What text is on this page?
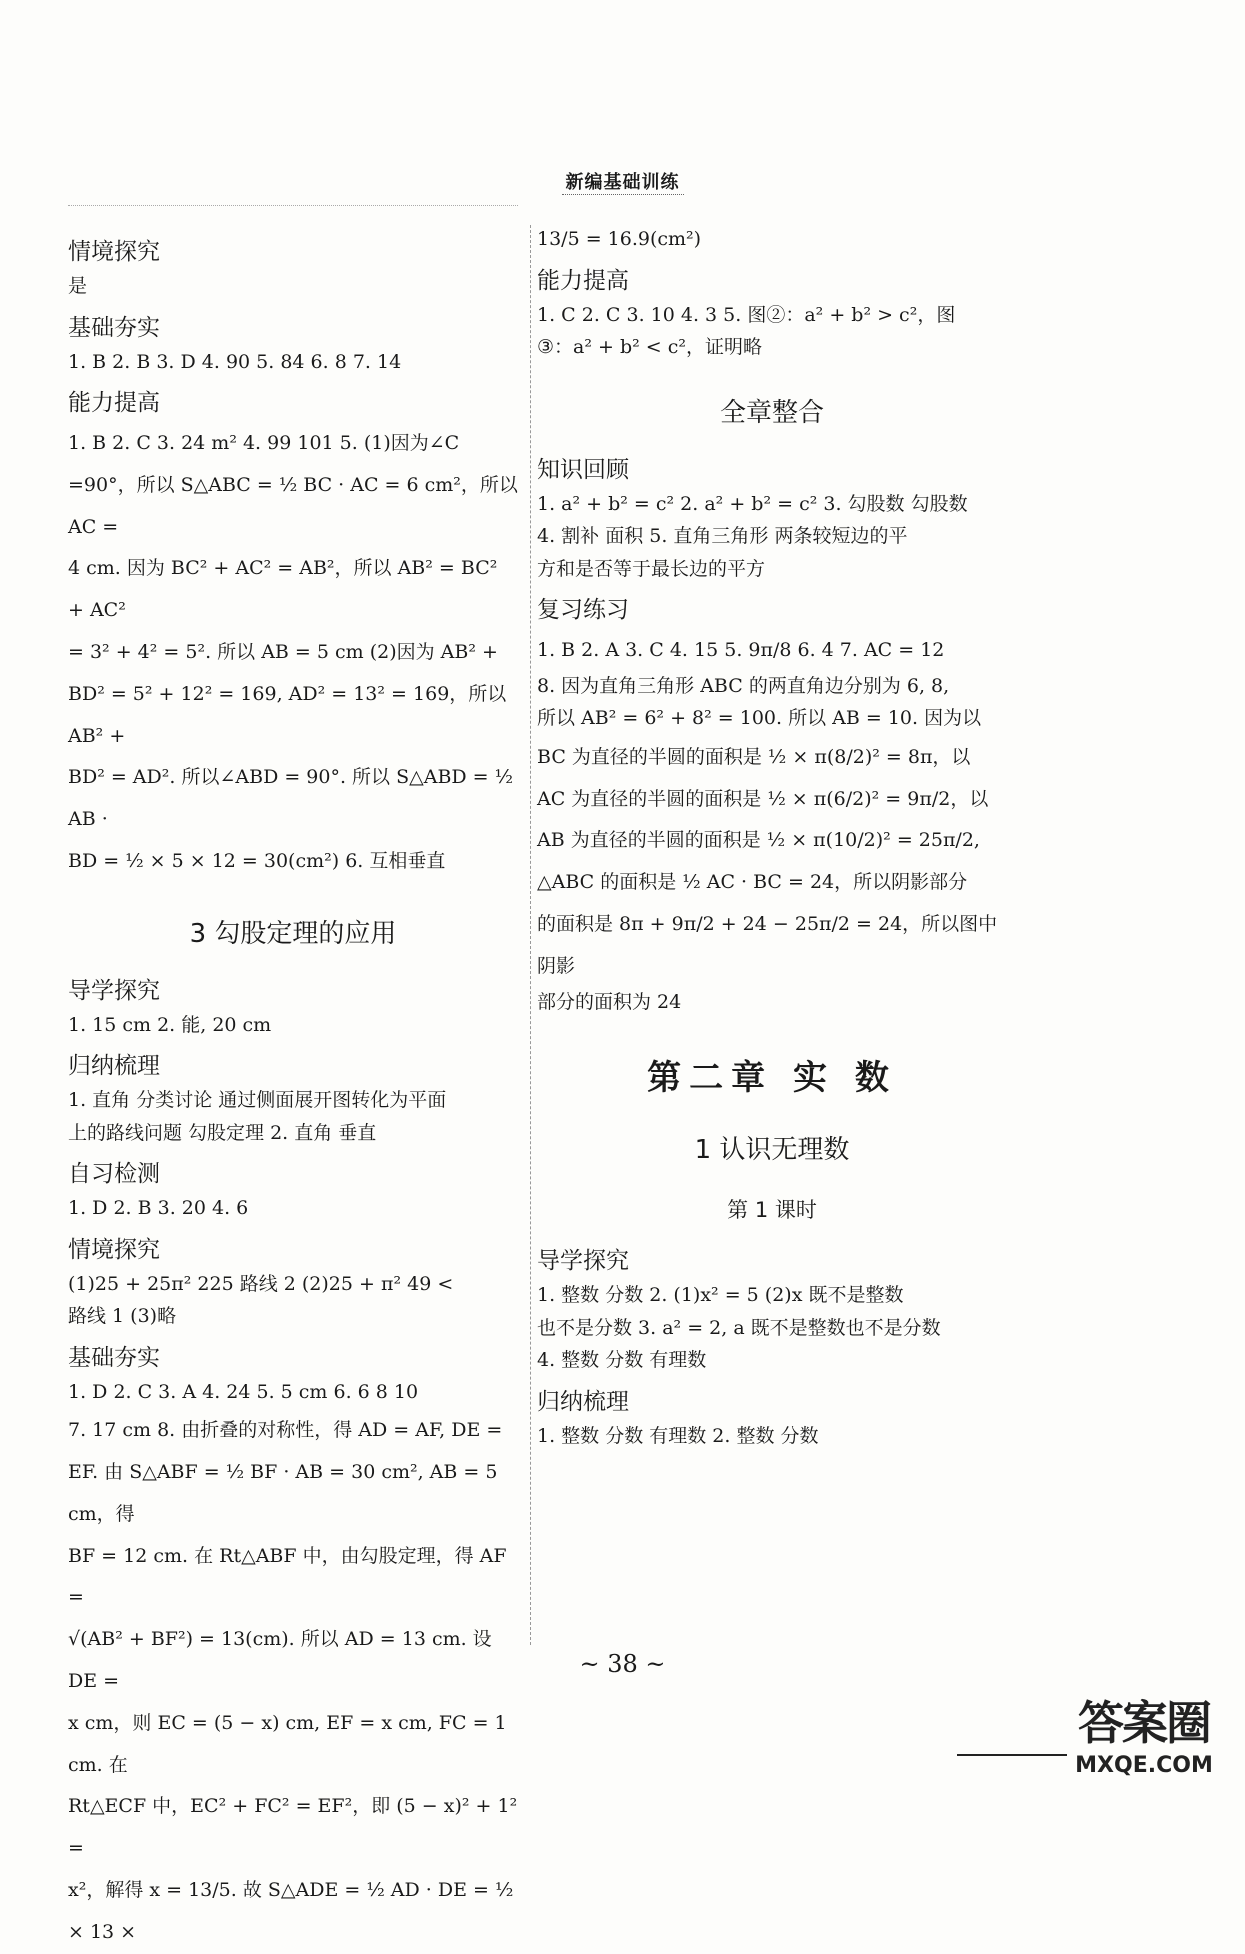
新编基础训练
情境探究
是
基础夯实
1. B 2. B 3. D 4. 90 5. 84 6. 8 7. 14
能力提高
1. B 2. C 3. 24 m² 4. 99 101 5. (1)因为∠C
=90°，所以 S△ABC = ½ BC · AC = 6 cm²，所以 AC =
4 cm. 因为 BC² + AC² = AB²，所以 AB² = BC² + AC²
= 3² + 4² = 5². 所以 AB = 5 cm (2)因为 AB² +
BD² = 5² + 12² = 169, AD² = 13² = 169，所以 AB² +
BD² = AD². 所以∠ABD = 90°. 所以 S△ABD = ½ AB ·
BD = ½ × 5 × 12 = 30(cm²) 6. 互相垂直
3 勾股定理的应用
导学探究
1. 15 cm 2. 能, 20 cm
归纳梳理
1. 直角 分类讨论 通过侧面展开图转化为平面
上的路线问题 勾股定理 2. 直角 垂直
自习检测
1. D 2. B 3. 20 4. 6
情境探究
(1)25 + 25π² 225 路线 2 (2)25 + π² 49 <
路线 1 (3)略
基础夯实
1. D 2. C 3. A 4. 24 5. 5 cm 6. 6 8 10
7. 17 cm 8. 由折叠的对称性，得 AD = AF, DE =
EF. 由 S△ABF = ½ BF · AB = 30 cm², AB = 5 cm，得
BF = 12 cm. 在 Rt△ABF 中，由勾股定理，得 AF =
√(AB² + BF²) = 13(cm). 所以 AD = 13 cm. 设 DE =
x cm，则 EC = (5 − x) cm, EF = x cm, FC = 1 cm. 在
Rt△ECF 中，EC² + FC² = EF²，即 (5 − x)² + 1² =
x²，解得 x = 13/5. 故 S△ADE = ½ AD · DE = ½ × 13 ×
13/5 = 16.9(cm²)
能力提高
1. C 2. C 3. 10 4. 3 5. 图②：a² + b² > c²，图
③：a² + b² < c²，证明略
全章整合
知识回顾
1. a² + b² = c² 2. a² + b² = c² 3. 勾股数 勾股数
4. 割补 面积 5. 直角三角形 两条较短边的平
方和是否等于最长边的平方
复习练习
1. B 2. A 3. C 4. 15 5. 9π/8 6. 4 7. AC = 12
8. 因为直角三角形 ABC 的两直角边分别为 6, 8,
所以 AB² = 6² + 8² = 100. 所以 AB = 10. 因为以
BC 为直径的半圆的面积是 ½ × π(8/2)² = 8π，以
AC 为直径的半圆的面积是 ½ × π(6/2)² = 9π/2，以
AB 为直径的半圆的面积是 ½ × π(10/2)² = 25π/2,
△ABC 的面积是 ½ AC · BC = 24，所以阴影部分
的面积是 8π + 9π/2 + 24 − 25π/2 = 24，所以图中阴影
部分的面积为 24
第二章 实 数
1 认识无理数
第 1 课时
导学探究
1. 整数 分数 2. (1)x² = 5 (2)x 既不是整数
也不是分数 3. a² = 2, a 既不是整数也不是分数
4. 整数 分数 有理数
归纳梳理
1. 整数 分数 有理数 2. 整数 分数
~ 38 ~
答案圈
MXQE.COM
